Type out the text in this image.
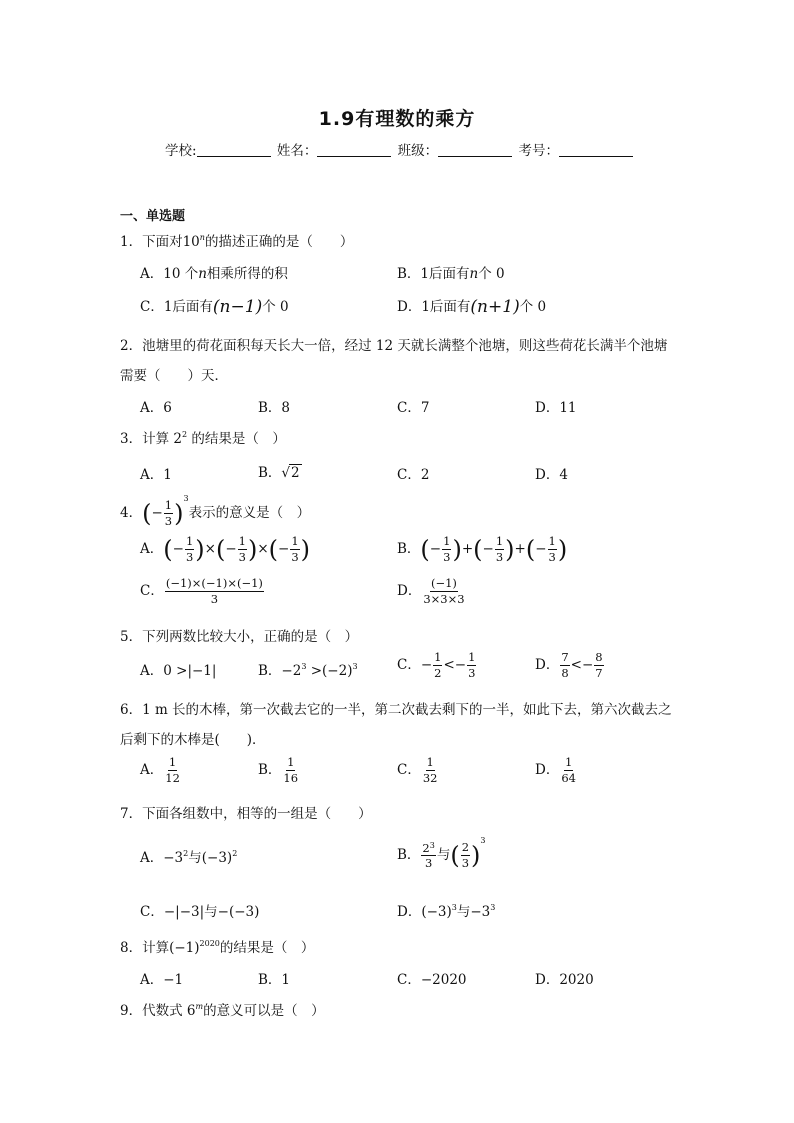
1.9有理数的乘方
学校:	姓名：	班级：	考号：
一、单选题
1．下面对10$^n$的描述正确的是（　　）
A．10 个n相乘所得的积	B．1后面有n个 0
C．1后面有(n−1)个 0	D．1后面有(n+1)个 0
2．池塘里的荷花面积每天长大一倍，经过 12 天就长满整个池塘，则这些荷花长满半个池塘
需要（　　）天．
A．6	B．8	C．7	D．11
3．计算 $2^2$ 的结果是（　）
A．1	B．√2	C．2	D．4
4．(− $\frac{1}{3} )^3$表示的意义是（　）
A．(− $\frac{1}{3}$ )×(− $\frac{1}{3}$ )×(− $\frac{1}{3}$ )	B．(− $\frac{1}{3}$ )+(− $\frac{1}{3}$ )+(− $\frac{1}{3}$ )
C． $\frac{(-1)\times(-1)\times(-1)}{3}$	D． $\frac{(-1)}{3\times 3\times 3}$
5．下列两数比较大小，正确的是（　）
A．0 >|−1|	B．$-2^3 >(-2)^3$	C．− $\frac{1}{2} <- \frac{1}{3}$	D． $\frac{7}{8} <- \frac{8}{7}$
6．1 m 长的木棒，第一次截去它的一半，第二次截去剩下的一半，如此下去，第六次截去之
后剩下的木棒是(　　)．
A． $\frac{1}{12}$	B． $\frac{1}{16}$	C． $\frac{1}{32}$	D． $\frac{1}{64}$
7．下面各组数中，相等的一组是（　　）
A．$-3^2$与$(-3)^2$	B． $\frac{2^3}{3}$ 与( $\frac{2}{3} )^3$
C．−|−3|与−(−3)	D．$(-3)^3$与$-3^3$
8．计算$(-1)^{2020}$的结果是（　）
A．−1	B．1	C．−2020	D．2020
9．代数式 6$^m$的意义可以是（　）
